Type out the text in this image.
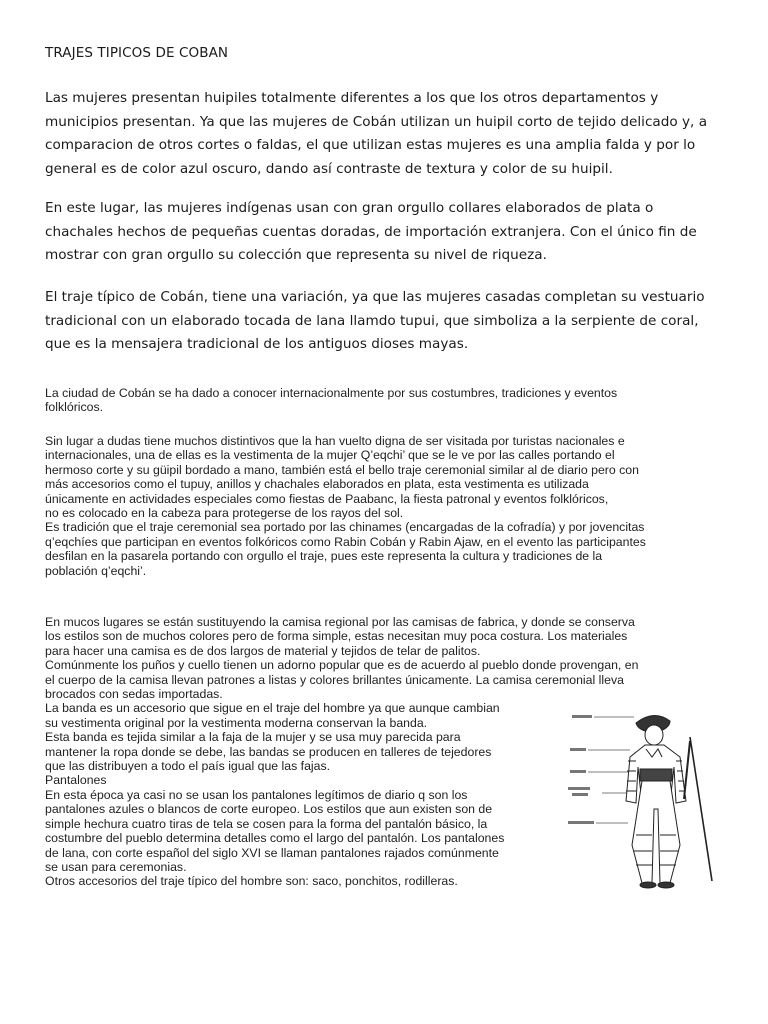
TRAJES TIPICOS DE COBAN

Las mujeres presentan huipiles totalmente diferentes a los que los otros departamentos y
municipios presentan. Ya que las mujeres de Cobán utilizan un huipil corto de tejido delicado y, a
comparacion de otros cortes o faldas, el que utilizan estas mujeres es una amplia falda y por lo
general es de color azul oscuro, dando así contraste de textura y color de su huipil.

En este lugar, las mujeres indígenas usan con gran orgullo collares elaborados de plata o
chachales hechos de pequeñas cuentas doradas, de importación extranjera. Con el único fin de
mostrar con gran orgullo su colección que representa su nivel de riqueza.

El traje típico de Cobán, tiene una variación, ya que las mujeres casadas completan su vestuario
tradicional con un elaborado tocada de lana llamdo tupui, que simboliza a la serpiente de coral,
que es la mensajera tradicional de los antiguos dioses mayas.

La ciudad de Cobán se ha dado a conocer internacionalmente por sus costumbres, tradiciones y eventos
folklóricos.

Sin lugar a dudas tiene muchos distintivos que la han vuelto digna de ser visitada por turistas nacionales e
internacionales, una de ellas es la vestimenta de la mujer Q’eqchi’ que se le ve por las calles portando el
hermoso corte y su güipil bordado a mano, también está el bello traje ceremonial similar al de diario pero con
más accesorios como el tupuy, anillos y chachales elaborados en plata, esta vestimenta es utilizada
únicamente en actividades especiales como fiestas de Paabanc, la fiesta patronal y eventos folklóricos,
no es colocado en la cabeza para protegerse de los rayos del sol.
Es tradición que el traje ceremonial sea portado por las chinames (encargadas de la cofradía) y por jovencitas
q’eqchíes que participan en eventos folkóricos como Rabin Cobán y Rabin Ajaw, en el evento las participantes
desfilan en la pasarela portando con orgullo el traje, pues este representa la cultura y tradiciones de la
población q’eqchi’.

En mucos lugares se están sustituyendo la camisa regional por las camisas de fabrica, y donde se conserva
los estilos son de muchos colores pero de forma simple, estas necesitan muy poca costura. Los materiales
para hacer una camisa es de dos largos de material y tejidos de telar de palitos.
Comúnmente los puños y cuello tienen un adorno popular que es de acuerdo al pueblo donde provengan, en
el cuerpo de la camisa llevan patrones a listas y colores brillantes únicamente. La camisa ceremonial lleva
brocados con sedas importadas.
La banda es un accesorio que sigue en el traje del hombre ya que aunque cambian
su vestimenta original por la vestimenta moderna conservan la banda.
Esta banda es tejida similar a la faja de la mujer y se usa muy parecida para
mantener la ropa donde se debe, las bandas se producen en talleres de tejedores
que las distribuyen a todo el país igual que las fajas.
Pantalones
En esta época ya casi no se usan los pantalones legítimos de diario q son los
pantalones azules o blancos de corte europeo. Los estilos que aun existen son de
simple hechura cuatro tiras de tela se cosen para la forma del pantalón básico, la
costumbre del pueblo determina detalles como el largo del pantalón. Los pantalones
de lana, con corte español del siglo XVI se llaman pantalones rajados comúnmente
se usan para ceremonias.
Otros accesorios del traje típico del hombre son: saco, ponchitos, rodilleras.
